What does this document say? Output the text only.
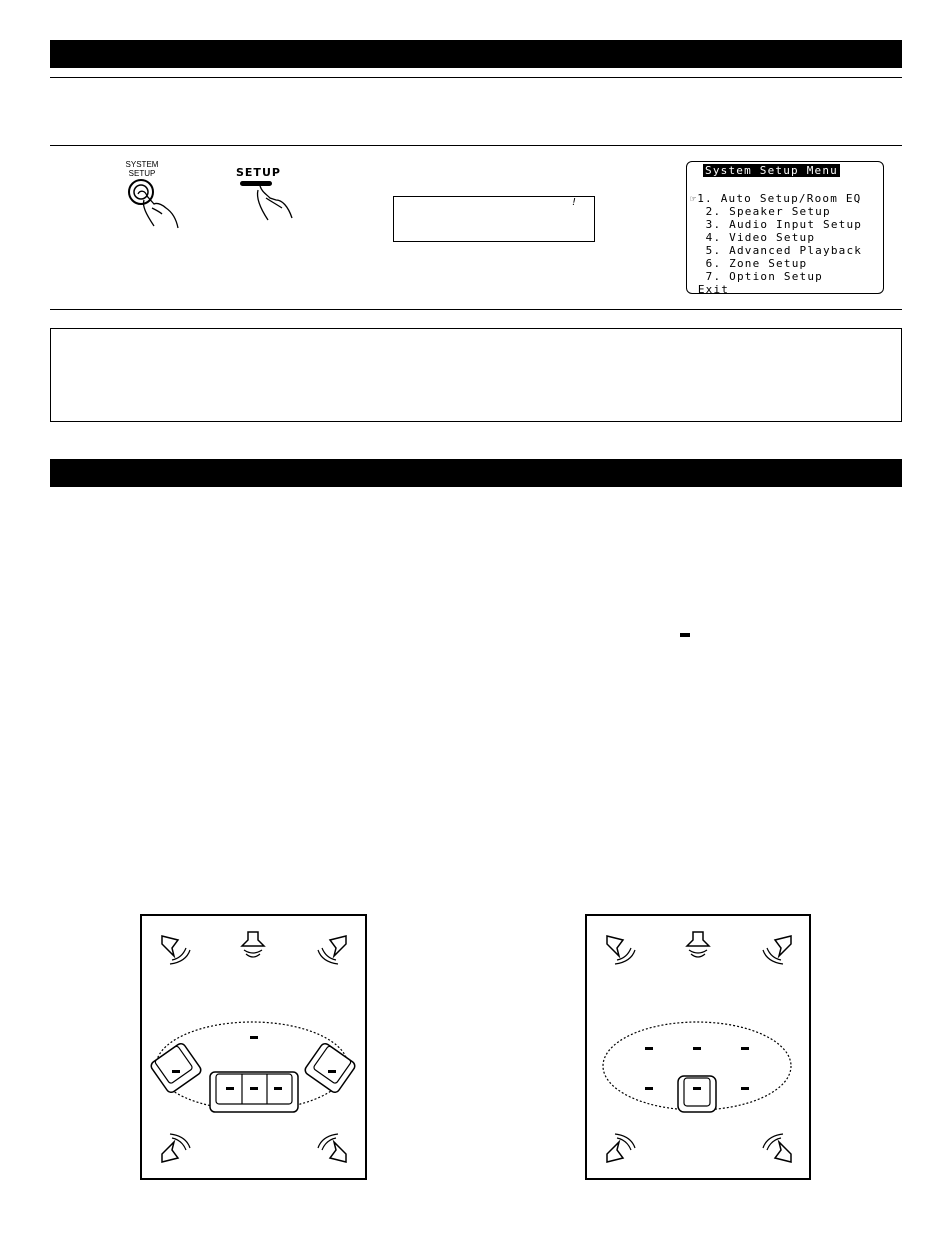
SYSTEM
SETUP	SETUP
!
System Setup Menu
☞1. Auto Setup/Room EQ
2. Speaker Setup
3. Audio Input Setup
4. Video Setup
5. Advanced Playback
6. Zone Setup
7. Option Setup
Exit
